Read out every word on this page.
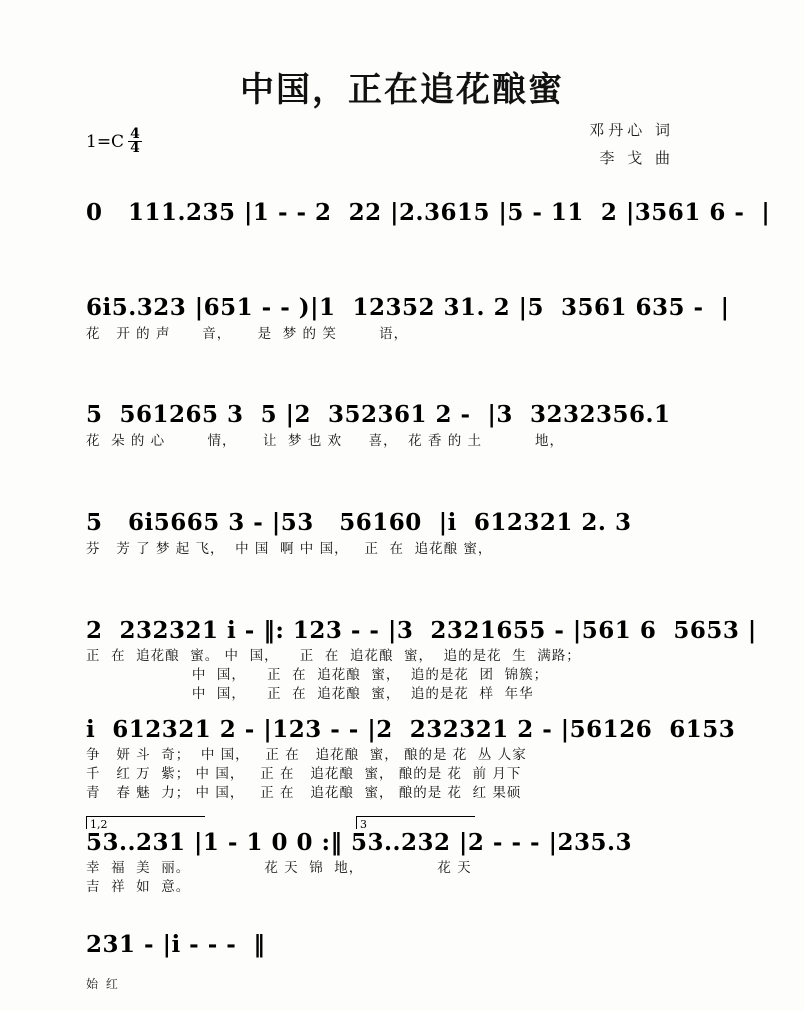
中国，正在追花酿蜜
邓丹心 词
李 戈 曲
$1=C \frac{4}{4}$
0   111.235 |1 - - 2  22 |2.3615 |5 - 11  2 |3561 6 -  |
6i5.323 |651 - - )|1  12352 31. 2 |5  3561 635 -  |
花   开 的 声      音，     是  梦 的 笑        语，
5  561265 3  5 |2  352361 2 -  |3  3232356.1
花  朵 的 心        情，     让  梦 也 欢     喜，  花 香 的 土          地，
5   6i5665 3 - |53   56160  |i  612321 2. 3
芬   芳 了 梦 起 飞，  中 国  啊 中 国，   正  在  追花酿 蜜，
2  232321 i - ‖: 123 - - |3  2321655 - |561 6  5653 |
正  在  追花酿  蜜。 中  国，    正  在  追花酿  蜜，  追的是花  生  满路；
中  国，    正  在  追花酿  蜜，  追的是花  团  锦簇；
中  国，    正  在  追花酿  蜜，  追的是花  样  年华
i  612321 2 - |123 - - |2  232321 2 - |56126  6153
争   妍 斗  奇；  中 国，   正 在   追花酿  蜜， 酿的是 花  丛 人家
千   红 万  紫； 中 国，   正 在   追花酿  蜜， 酿的是 花  前 月下
青   春 魅  力； 中 国，   正 在   追花酿  蜜， 酿的是 花  红 果硕
1,2	3
53..231 |1 - 1 0 0 :‖ 53..232 |2 - - - |235.3
幸  福  美  丽。              花 天  锦  地，              花 天
吉  祥  如  意。
231 - |i - - -  ‖
始 红
